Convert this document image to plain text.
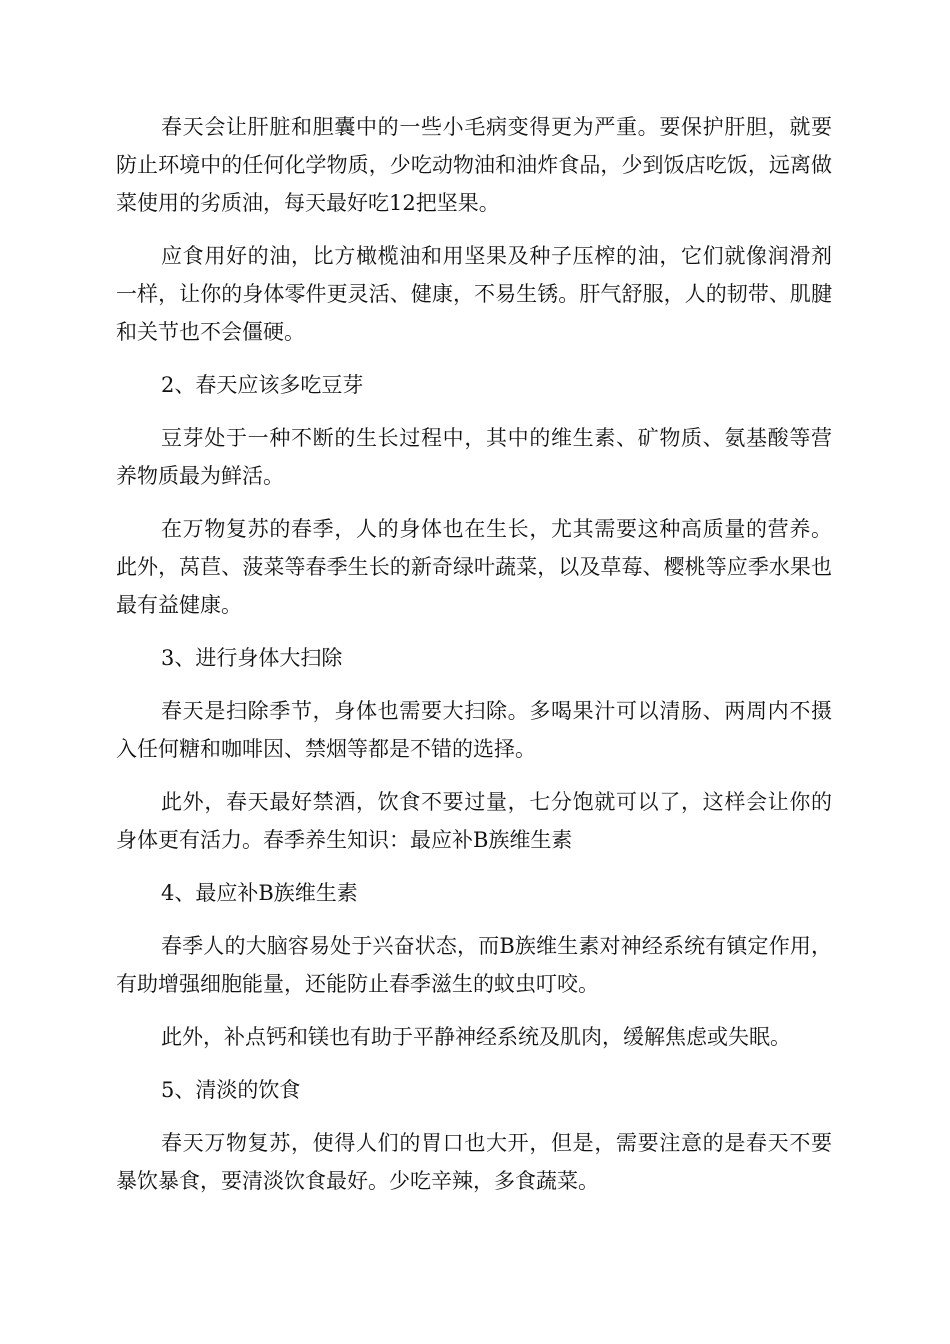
春天会让肝脏和胆囊中的一些小毛病变得更为严重。要保护肝胆，就要防止环境中的任何化学物质，少吃动物油和油炸食品，少到饭店吃饭，远离做菜使用的劣质油，每天最好吃12把坚果。

应食用好的油，比方橄榄油和用坚果及种子压榨的油，它们就像润滑剂一样，让你的身体零件更灵活、健康，不易生锈。肝气舒服，人的韧带、肌腱和关节也不会僵硬。

2、春天应该多吃豆芽

豆芽处于一种不断的生长过程中，其中的维生素、矿物质、氨基酸等营养物质最为鲜活。

在万物复苏的春季，人的身体也在生长，尤其需要这种高质量的营养。此外，莴苣、菠菜等春季生长的新奇绿叶蔬菜，以及草莓、樱桃等应季水果也最有益健康。

3、进行身体大扫除

春天是扫除季节，身体也需要大扫除。多喝果汁可以清肠、两周内不摄入任何糖和咖啡因、禁烟等都是不错的选择。

此外，春天最好禁酒，饮食不要过量，七分饱就可以了，这样会让你的身体更有活力。春季养生知识：最应补B族维生素

4、最应补B族维生素

春季人的大脑容易处于兴奋状态，而B族维生素对神经系统有镇定作用，有助增强细胞能量，还能防止春季滋生的蚊虫叮咬。

此外，补点钙和镁也有助于平静神经系统及肌肉，缓解焦虑或失眠。

5、清淡的饮食

春天万物复苏，使得人们的胃口也大开，但是，需要注意的是春天不要暴饮暴食，要清淡饮食最好。少吃辛辣，多食蔬菜。
